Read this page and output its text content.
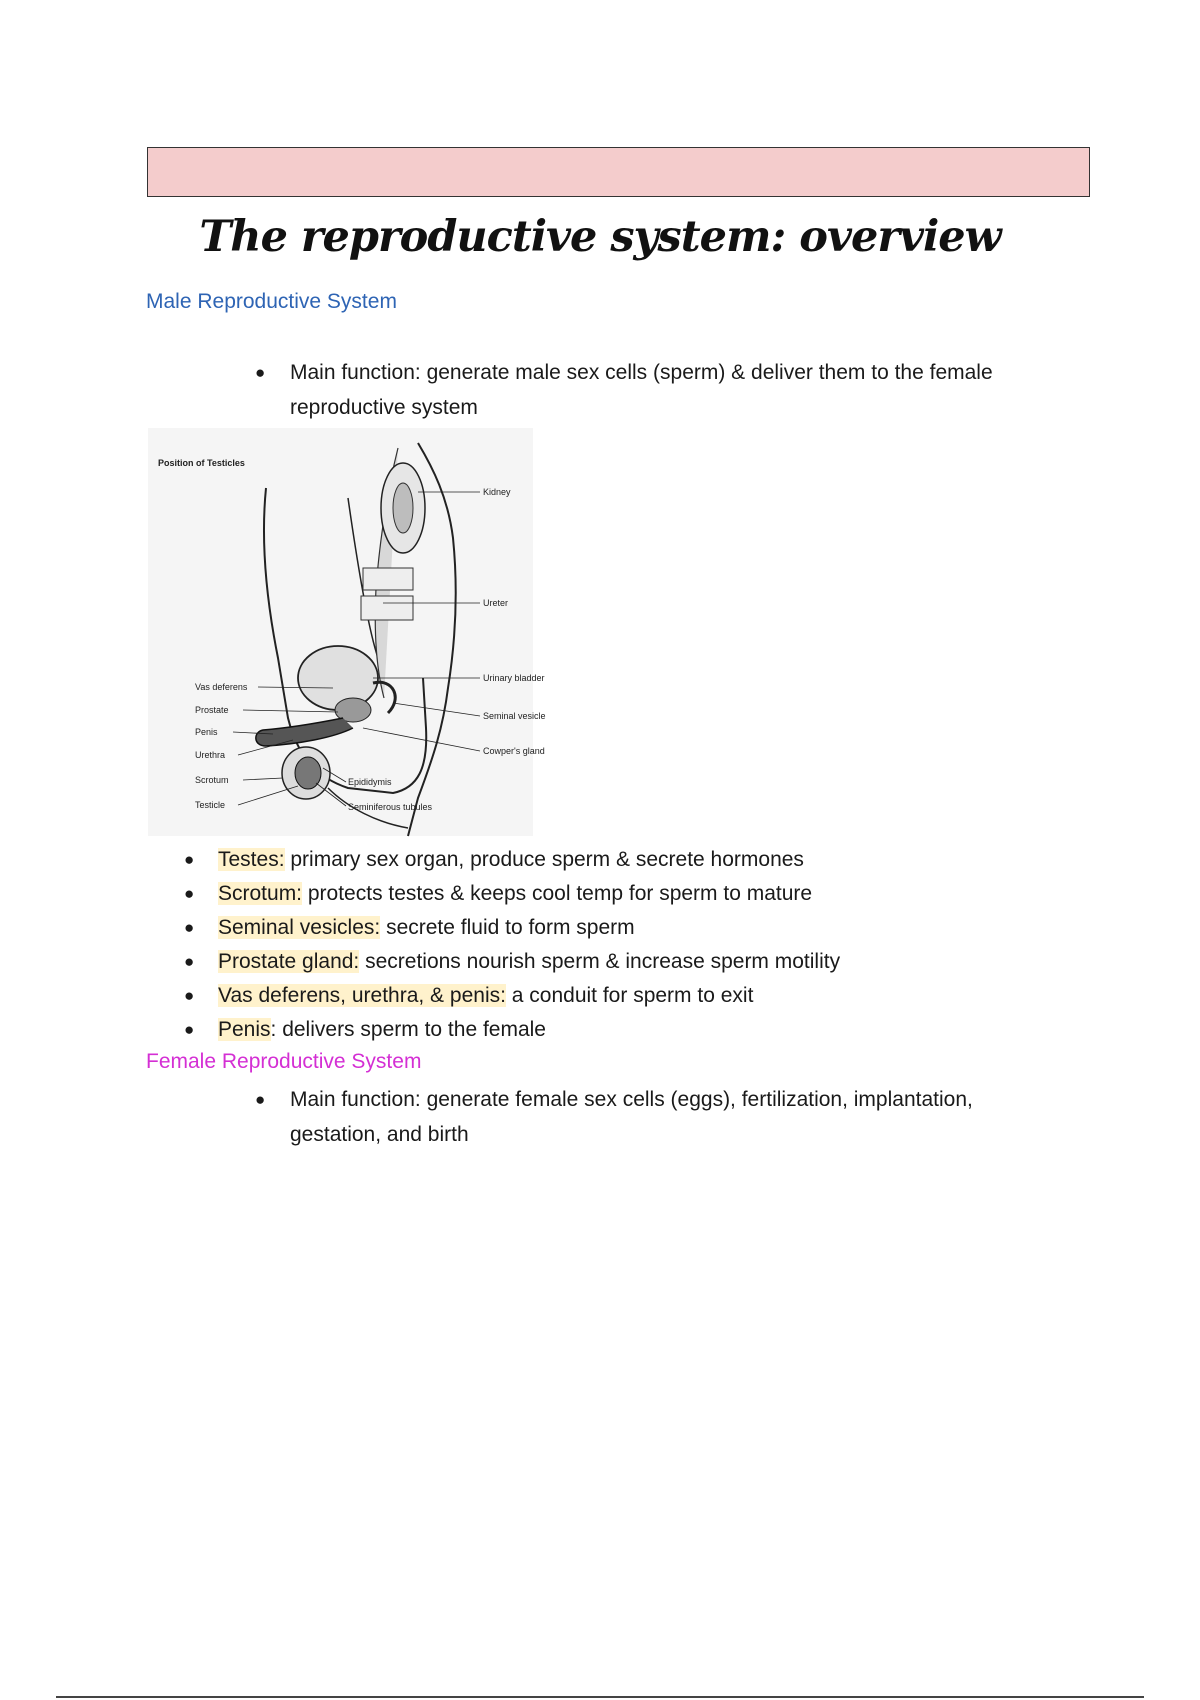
The reproductive system: overview
Male Reproductive System
● Main function: generate male sex cells (sperm) & deliver them to the female reproductive system
Position of Testicles
Vas deferens
Prostate
Penis
Urethra
Scrotum
Testicle
Kidney
Ureter
Urinary bladder
Seminal vesicle
Cowper's gland
Epididymis
Seminiferous tubules
● Testes: primary sex organ, produce sperm & secrete hormones
● Scrotum: protects testes & keeps cool temp for sperm to mature
● Seminal vesicles: secrete fluid to form sperm
● Prostate gland: secretions nourish sperm & increase sperm motility
● Vas deferens, urethra, & penis: a conduit for sperm to exit
● Penis: delivers sperm to the female
Female Reproductive System
● Main function: generate female sex cells (eggs), fertilization, implantation, gestation, and birth
